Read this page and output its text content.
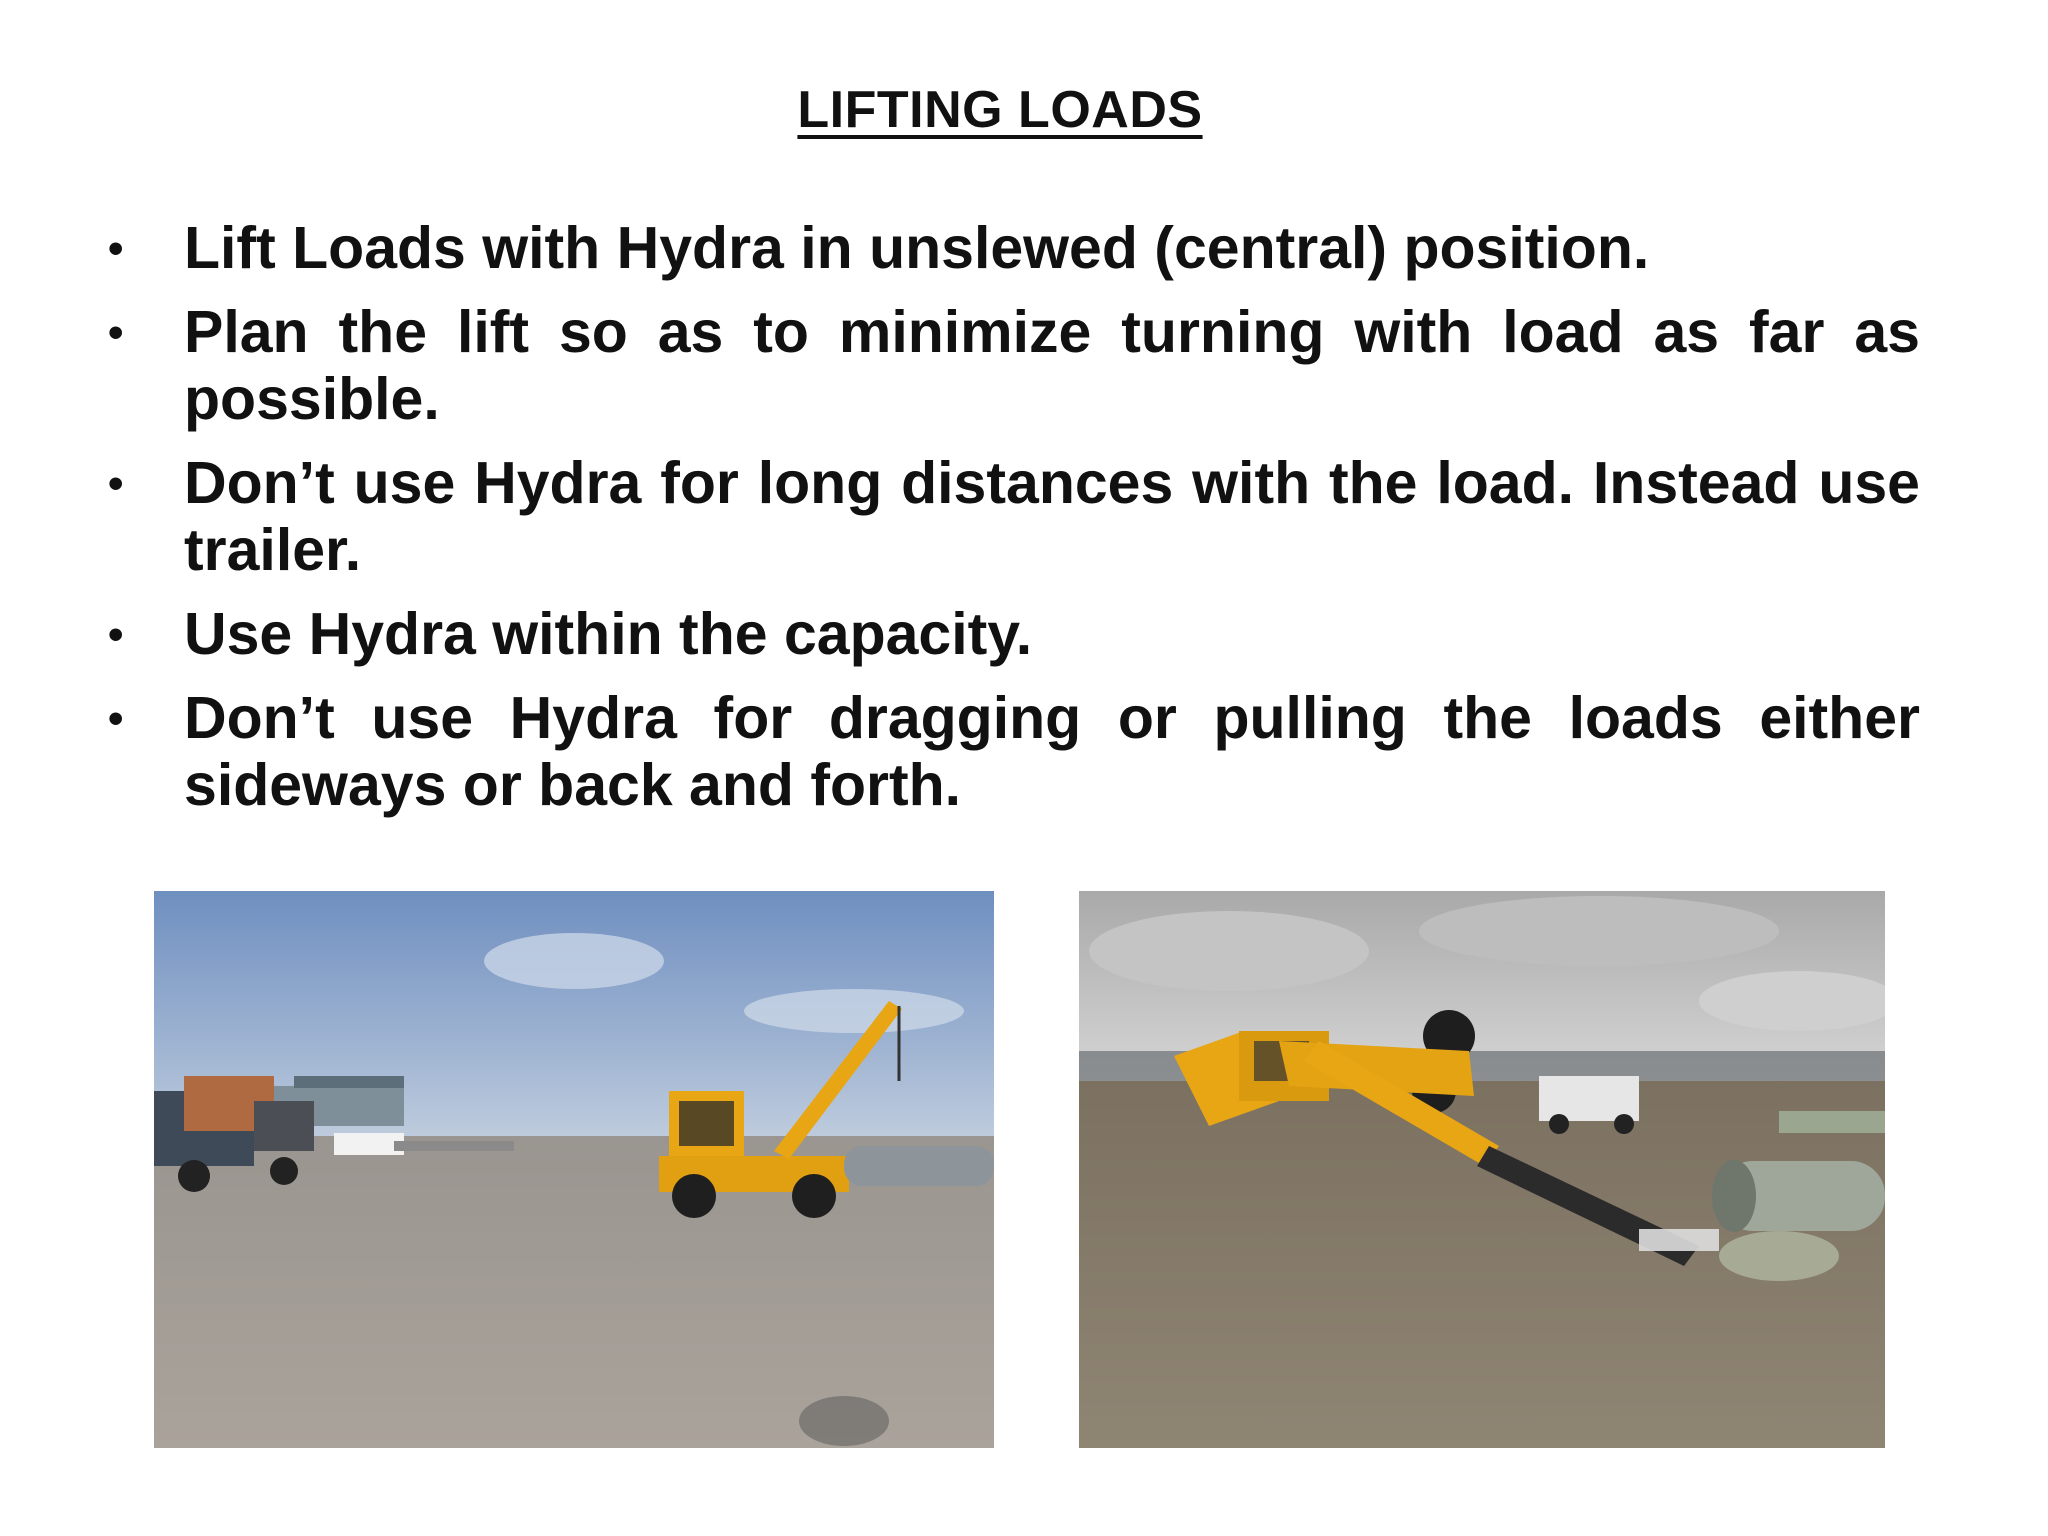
LIFTING LOADS
• Lift Loads with Hydra in unslewed (central) position.
• Plan the lift so as to minimize turning with load as far as possible.
• Don’t use Hydra for long distances with the load. Instead use trailer.
• Use Hydra within the capacity.
• Don’t use Hydra for dragging or pulling the loads either sideways or back and forth.
